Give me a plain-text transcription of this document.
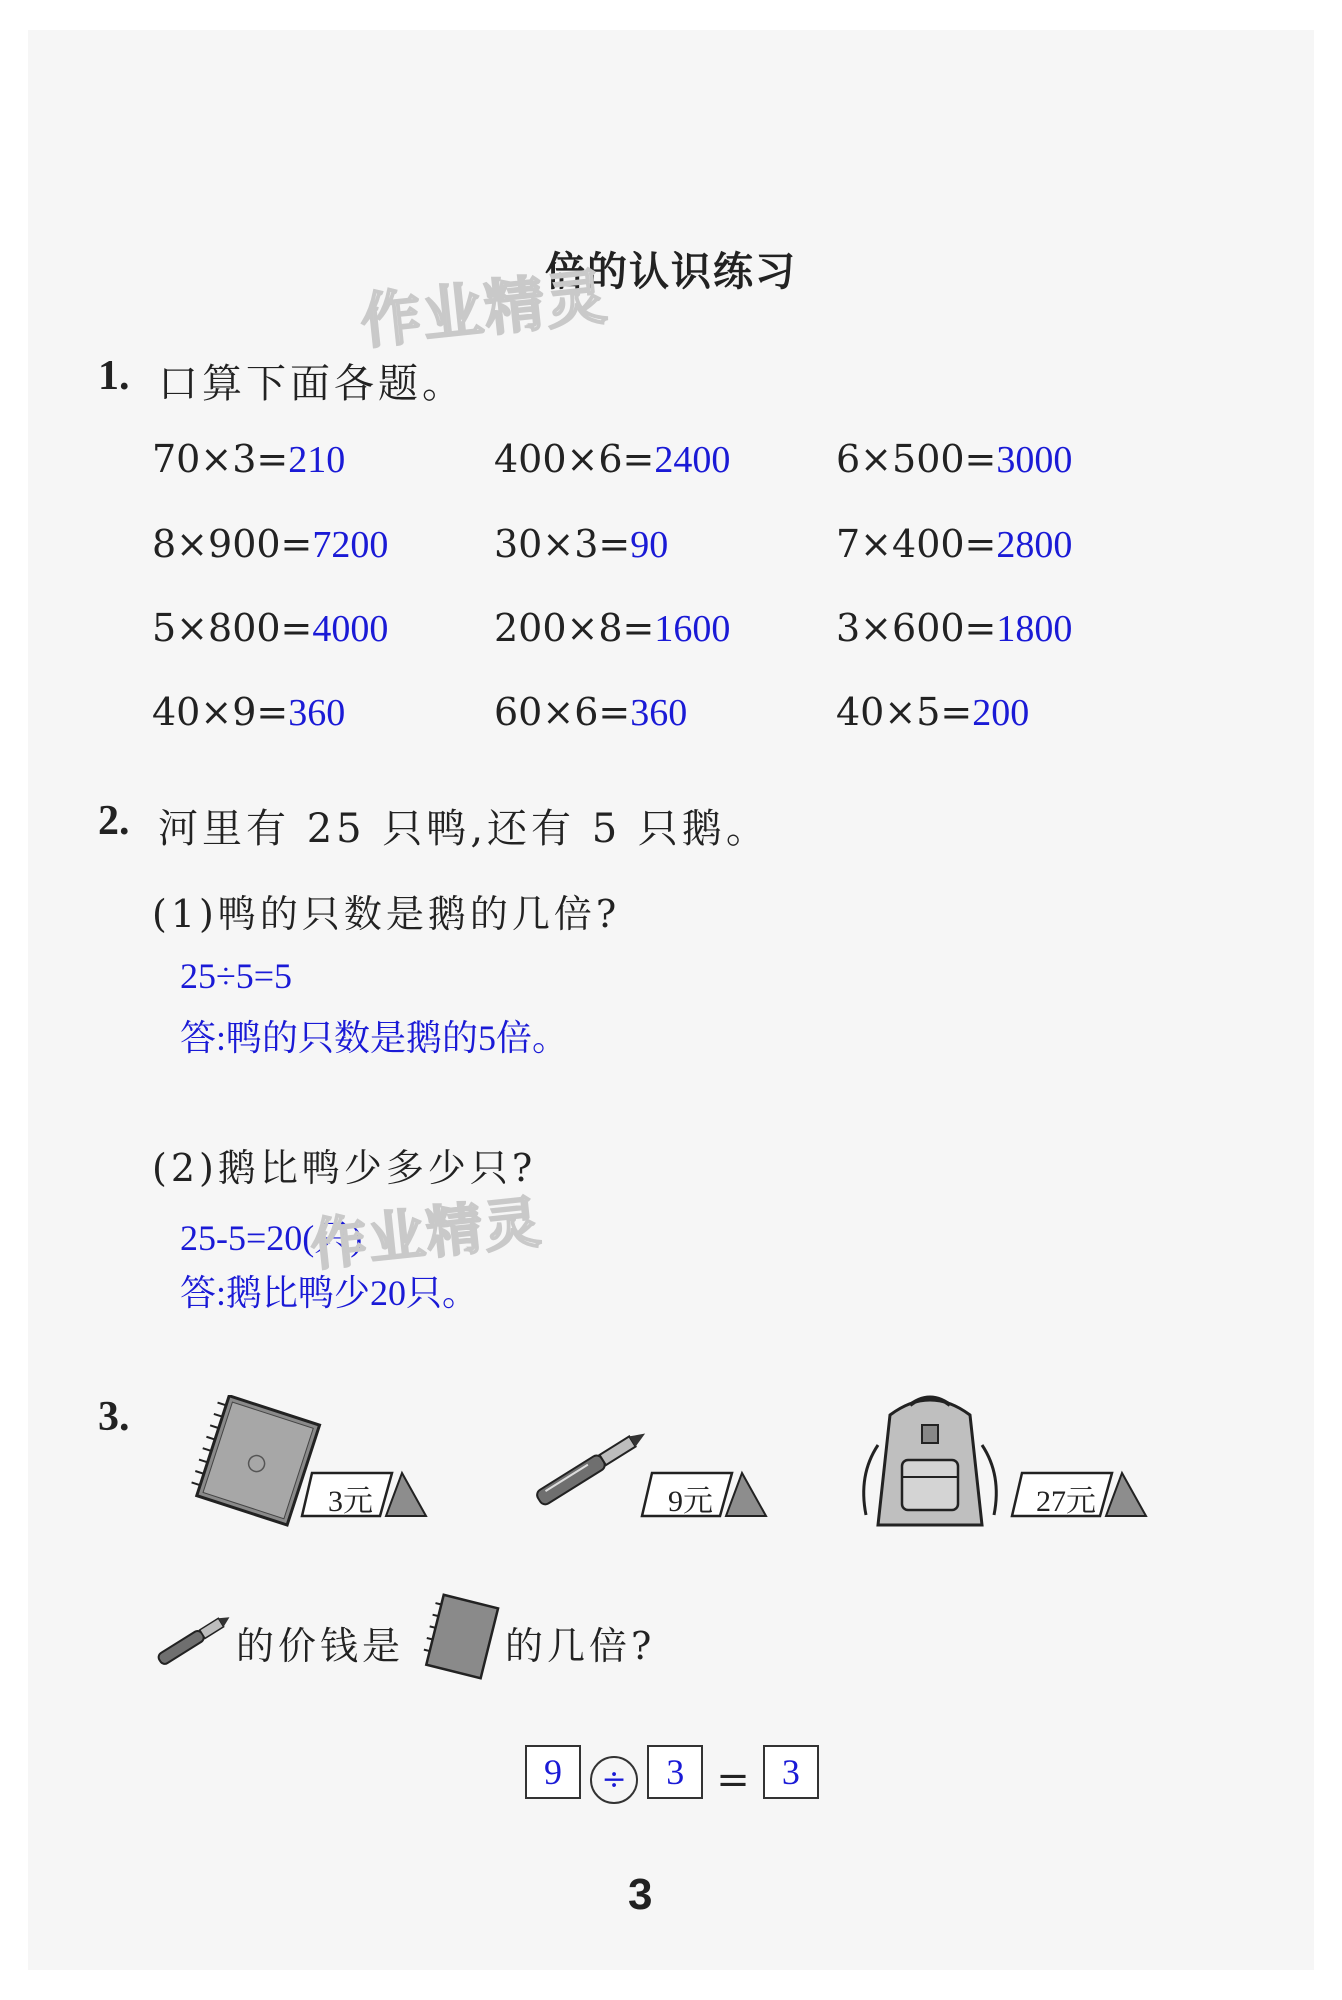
倍的认识练习
作业精灵
1. 口算下面各题。
70×3=210	400×6=2400	6×500=3000
8×900=7200	30×3=90	7×400=2800
5×800=4000	200×8=1600	3×600=1800
40×9=360	60×6=360	40×5=200
2. 河里有 25 只鸭,还有 5 只鹅。
(1)鸭的只数是鹅的几倍?
25÷5=5
答:鸭的只数是鹅的5倍。
(2)鹅比鸭少多少只?
25-5=20(只)
作业精灵
答:鹅比鸭少20只。
3.
3元	9元	27元
的价钱是	的几倍?
9 ÷ 3 = 3
3
